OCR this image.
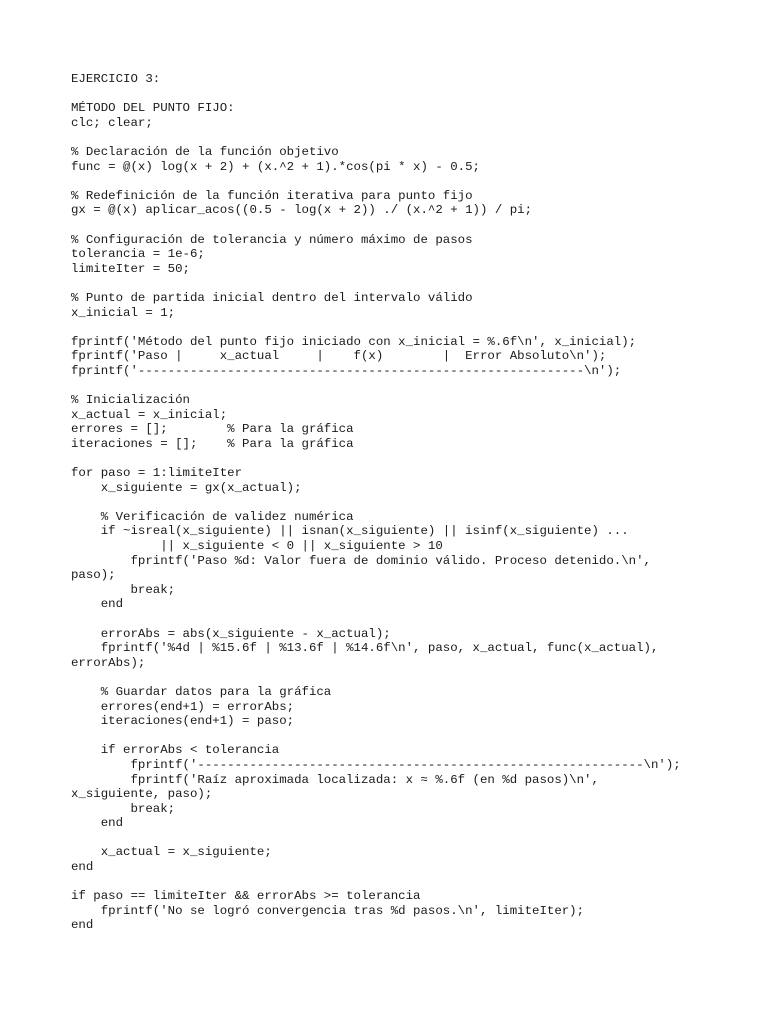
EJERCICIO 3:
MÉTODO DEL PUNTO FIJO:
clc; clear;
% Declaración de la función objetivo
func = @(x) log(x + 2) + (x.^2 + 1).*cos(pi * x) - 0.5;
% Redefinición de la función iterativa para punto fijo
gx = @(x) aplicar_acos((0.5 - log(x + 2)) ./ (x.^2 + 1)) / pi;
% Configuración de tolerancia y número máximo de pasos
tolerancia = 1e-6;
limiteIter = 50;
% Punto de partida inicial dentro del intervalo válido
x_inicial = 1;
fprintf('Método del punto fijo iniciado con x_inicial = %.6f\n', x_inicial);
fprintf('Paso |     x_actual     |    f(x)        |  Error Absoluto\n');
fprintf('------------------------------------------------------------\n');
% Inicialización
x_actual = x_inicial;
errores = [];        % Para la gráfica
iteraciones = [];    % Para la gráfica
for paso = 1:limiteIter
x_siguiente = gx(x_actual);
% Verificación de validez numérica
if ~isreal(x_siguiente) || isnan(x_siguiente) || isinf(x_siguiente) ...
|| x_siguiente < 0 || x_siguiente > 10
fprintf('Paso %d: Valor fuera de dominio válido. Proceso detenido.\n',
paso);
break;
end
errorAbs = abs(x_siguiente - x_actual);
fprintf('%4d | %15.6f | %13.6f | %14.6f\n', paso, x_actual, func(x_actual),
errorAbs);
% Guardar datos para la gráfica
errores(end+1) = errorAbs;
iteraciones(end+1) = paso;
if errorAbs < tolerancia
fprintf('------------------------------------------------------------\n');
fprintf('Raíz aproximada localizada: x ≈ %.6f (en %d pasos)\n',
x_siguiente, paso);
break;
end
x_actual = x_siguiente;
end
if paso == limiteIter && errorAbs >= tolerancia
fprintf('No se logró convergencia tras %d pasos.\n', limiteIter);
end
